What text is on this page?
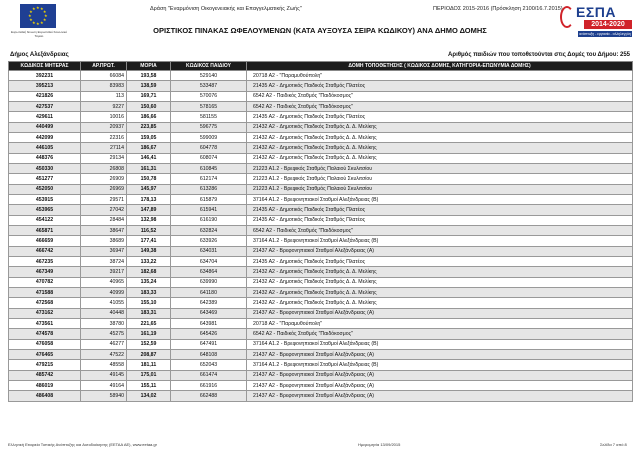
★
★
★
★
★
★
★
★
★ ★ ★
★
Ευρωπαϊκή Ένωση Ευρωπαϊκό Κοινωνικό Ταμείο
Δράση "Εναρμόνιση Οικογενειακής και Επαγγελματικής Ζωής"	ΠΕΡΙΟΔΟΣ 2015-2016 (Πρόσκληση 2100/16.7.2015) ΕΣΠΑ
2014-2020
ανάπτυξη - εργασία - αλληλεγγύη
ΟΡΙΣΤΙΚΟΣ ΠΙΝΑΚΑΣ ΩΦΕΛΟΥΜΕΝΩΝ (ΚΑΤΑ ΑΥΞΟΥΣΑ ΣΕΙΡΑ ΚΩΔΙΚΟΥ) ΑΝΑ ΔΗΜΟ ΔΟΜΗΣ
Δήμος Αλεξάνδρειας	Αριθμός παιδιών που τοποθετούνται στις Δομές του Δήμου: 255
ΚΩΔΙΚΟΣ ΜΗΤΕΡΑΣ	ΑΡ.ΠΡΩΤ.	ΜΟΡΙΑ	ΚΩΔΙΚΟΣ ΠΑΙΔΙΟΥ	ΔΟΜΗ ΤΟΠΟΘΕΤΗΣΗΣ ( ΚΩΔΙΚΟΣ ΔΟΜΗΣ, ΚΑΤΗΓΟΡΙΑ-ΕΠΩΝΥΜΙΑ ΔΟΜΗΣ)
392231	66084	193,58	529140	20718 A2 - "Παραμυθούπολη"
395213	83983	138,59	533487	21435 A2 - Δημοτικός Παιδικός Σταθμός Πλατέος
421826	113	169,71	570076	6542 A2 - Παιδικός Σταθμός "Παιδόκοσμος"
427537	9227	150,60	578165	6542 A2 - Παιδικός Σταθμός "Παιδόκοσμος"
429611	10016	186,66	581155	21435 A2 - Δημοτικός Παιδικός Σταθμός Πλατέος
440499	20937	223,85	596775	21432 A2 - Δημοτικός Παιδικός Σταθμός Δ. Δ. Μελίκης
442099	22316	159,05	599009	21432 A2 - Δημοτικός Παιδικός Σταθμός Δ. Δ. Μελίκης
446105	27114	186,67	604778	21432 A2 - Δημοτικός Παιδικός Σταθμός Δ. Δ. Μελίκης
448376	29134	146,41	608074	21432 A2 - Δημοτικός Παιδικός Σταθμός Δ. Δ. Μελίκης
450330	26808	161,31	610845	21223 A1.2 - Βρεφικός Σταθμός Παλαιού Σκυλιτσίου
451277	26909	150,78	612174	21223 A1.2 - Βρεφικός Σταθμός Παλαιού Σκυλιτσίου
452050	26969	145,97	613286	21223 A1.2 - Βρεφικός Σταθμός Παλαιού Σκυλιτσίου
453915	29571	178,13	615879	37164 A1.2 - Βρεφονηπιακοί Σταθμοί Αλεξάνδρειας (Β)
453965	27042	147,89	615941	21435 A2 - Δημοτικός Παιδικός Σταθμός Πλατέος
454122	28484	132,98	616190	21435 A2 - Δημοτικός Παιδικός Σταθμός Πλατέος
465871	38647	116,52	632824	6542 A2 - Παιδικός Σταθμός "Παιδόκοσμος"
466659	38689	177,41	633926	37164 A1.2 - Βρεφονηπιακοί Σταθμοί Αλεξάνδρειας (Β)
466742	36947	149,38	634031	21437 A2 - Βρεφονηπιακοί Σταθμοί Αλεξάνδρειας (Α)
467235	38724	133,22	634704	21435 A2 - Δημοτικός Παιδικός Σταθμός Πλατέος
467349	39217	182,68	634864	21432 A2 - Δημοτικός Παιδικός Σταθμός Δ. Δ. Μελίκης
470782	40965	135,24	639990	21432 A2 - Δημοτικός Παιδικός Σταθμός Δ. Δ. Μελίκης
471588	40999	183,33	641180	21432 A2 - Δημοτικός Παιδικός Σταθμός Δ. Δ. Μελίκης
472568	41055	155,10	642389	21432 A2 - Δημοτικός Παιδικός Σταθμός Δ. Δ. Μελίκης
473162	40448	183,31	643469	21437 A2 - Βρεφονηπιακοί Σταθμοί Αλεξάνδρειας (Α)
473561	38780	221,65	643981	20718 A2 - "Παραμυθούπολη"
474578	45275	161,19	645426	6542 A2 - Παιδικός Σταθμός "Παιδόκοσμος"
476058	46277	152,59	647491	37164 A1.2 - Βρεφονηπιακοί Σταθμοί Αλεξάνδρειας (Β)
476465	47522	208,87	648108	21437 A2 - Βρεφονηπιακοί Σταθμοί Αλεξάνδρειας (Α)
479215	48558	181,11	652043	37164 A1.2 - Βρεφονηπιακοί Σταθμοί Αλεξάνδρειας (Β)
485742	49145	175,01	661474	21437 A2 - Βρεφονηπιακοί Σταθμοί Αλεξάνδρειας (Α)
486019	49164	155,11	661916	21437 A2 - Βρεφονηπιακοί Σταθμοί Αλεξάνδρειας (Α)
486408	58940	134,02	662488	21437 A2 - Βρεφονηπιακοί Σταθμοί Αλεξάνδρειας (Α)
Ελληνική Εταιρεία Τοπικής Ανάπτυξης και Αυτοδιοίκησης (ΕΕΤΑΑ ΑΕ), www.eetaa.gr	Ημερομηνία 13/09/2015	Σελίδα 7 από 8
